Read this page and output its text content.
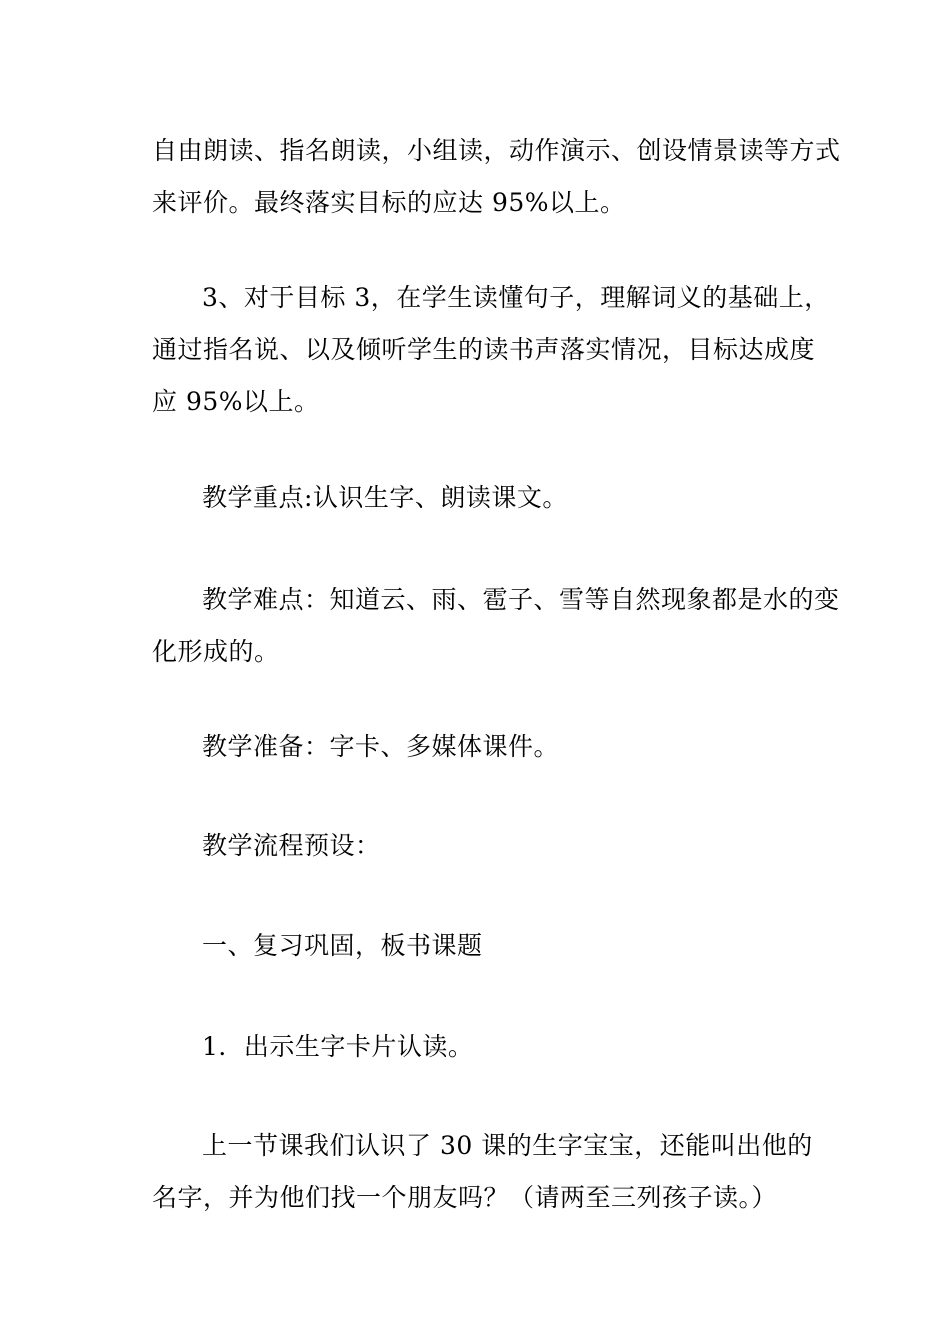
自由朗读、指名朗读，小组读，动作演示、创设情景读等方式
来评价。最终落实目标的应达 95%以上。

3、对于目标 3，在学生读懂句子，理解词义的基础上，
通过指名说、以及倾听学生的读书声落实情况，目标达成度
应 95%以上。

教学重点:认识生字、朗读课文。

教学难点：知道云、雨、雹子、雪等自然现象都是水的变
化形成的。

教学准备：字卡、多媒体课件。

教学流程预设：

一、复习巩固，板书课题

1．出示生字卡片认读。

上一节课我们认识了 30 课的生字宝宝，还能叫出他的
名字，并为他们找一个朋友吗？（请两至三列孩子读。）
